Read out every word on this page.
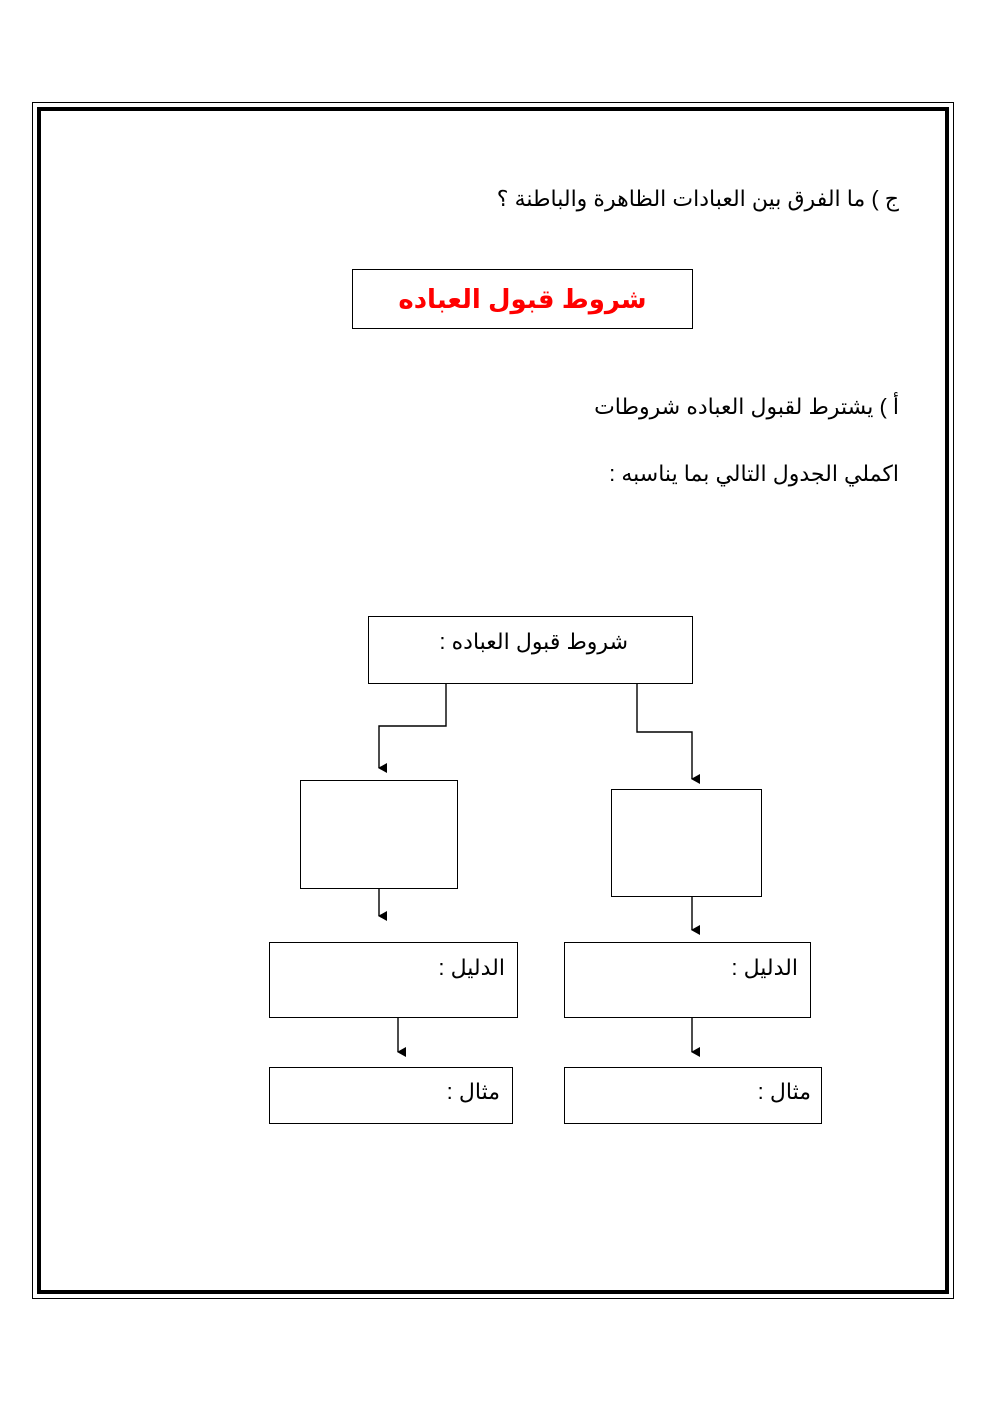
ج ) ما الفرق بين العبادات الظاهرة والباطنة ؟
شروط قبول العباده
أ ) يشترط لقبول العباده شروطات
اكملي الجدول التالي بما يناسبه :
شروط قبول العباده :
الدليل :	الدليل :
مثال :	مثال :
